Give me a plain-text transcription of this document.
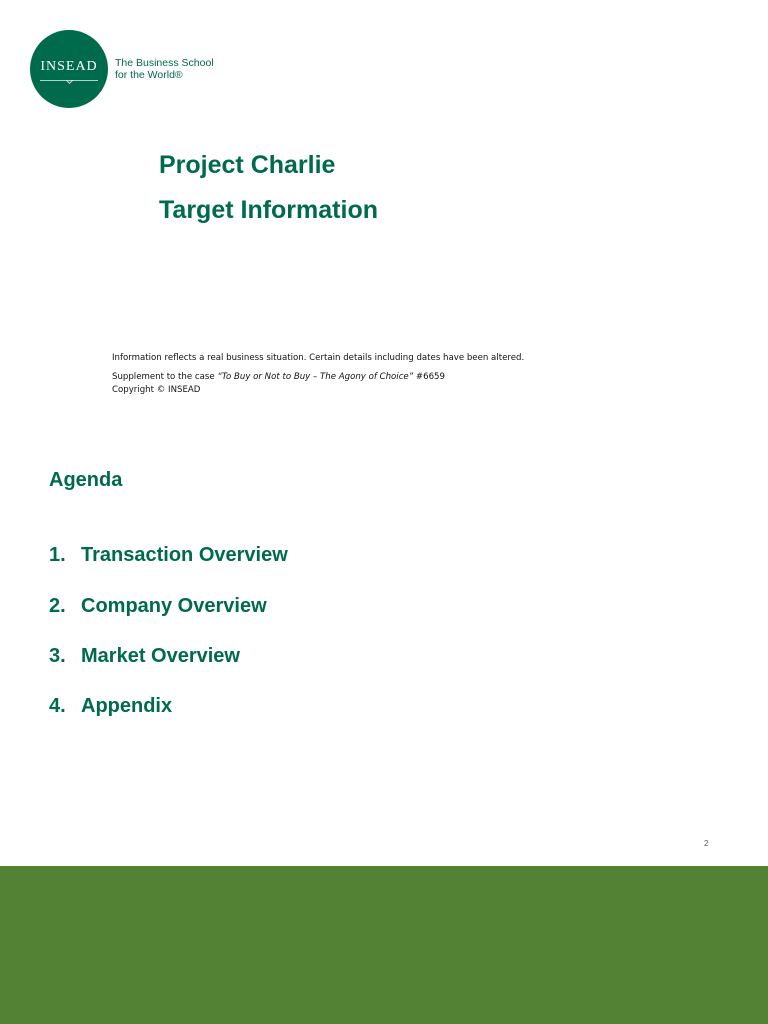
INSEAD The Business School
for the World®
Project Charlie
Target Information
Information reflects a real business situation. Certain details including dates have been altered.
Supplement to the case “To Buy or Not to Buy – The Agony of Choice” #6659
Copyright © INSEAD
Agenda
1. Transaction Overview
2. Company Overview
3. Market Overview
4. Appendix
2
